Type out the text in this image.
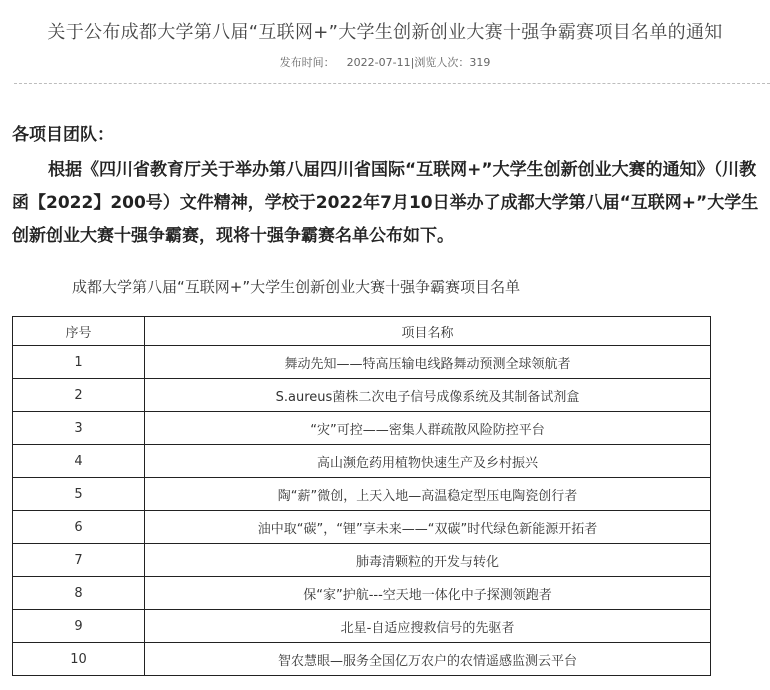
关于公布成都大学第八届“互联网+”大学生创新创业大赛十强争霸赛项目名单的通知
发布时间： 2022-07-11|浏览人次：319
各项目团队：
根据《四川省教育厅关于举办第八届四川省国际“互联网+”大学生创新创业大赛的通知》（川教函【2022】200号）文件精神，学校于2022年7月10日举办了成都大学第八届“互联网+”大学生创新创业大赛十强争霸赛，现将十强争霸赛名单公布如下。
成都大学第八届“互联网+”大学生创新创业大赛十强争霸赛项目名单
序号	项目名称
1	舞动先知——特高压输电线路舞动预测全球领航者
2	S.aureus菌株二次电子信号成像系统及其制备试剂盒
3	“灾”可控——密集人群疏散风险防控平台
4	高山濒危药用植物快速生产及乡村振兴
5	陶“薪”微创，上天入地—高温稳定型压电陶瓷创行者
6	油中取“碳”，“锂”享未来——“双碳”时代绿色新能源开拓者
7	肺毒清颗粒的开发与转化
8	保“家”护航---空天地一体化中子探测领跑者
9	北星-自适应搜救信号的先驱者
10	智农慧眼—服务全国亿万农户的农情遥感监测云平台
